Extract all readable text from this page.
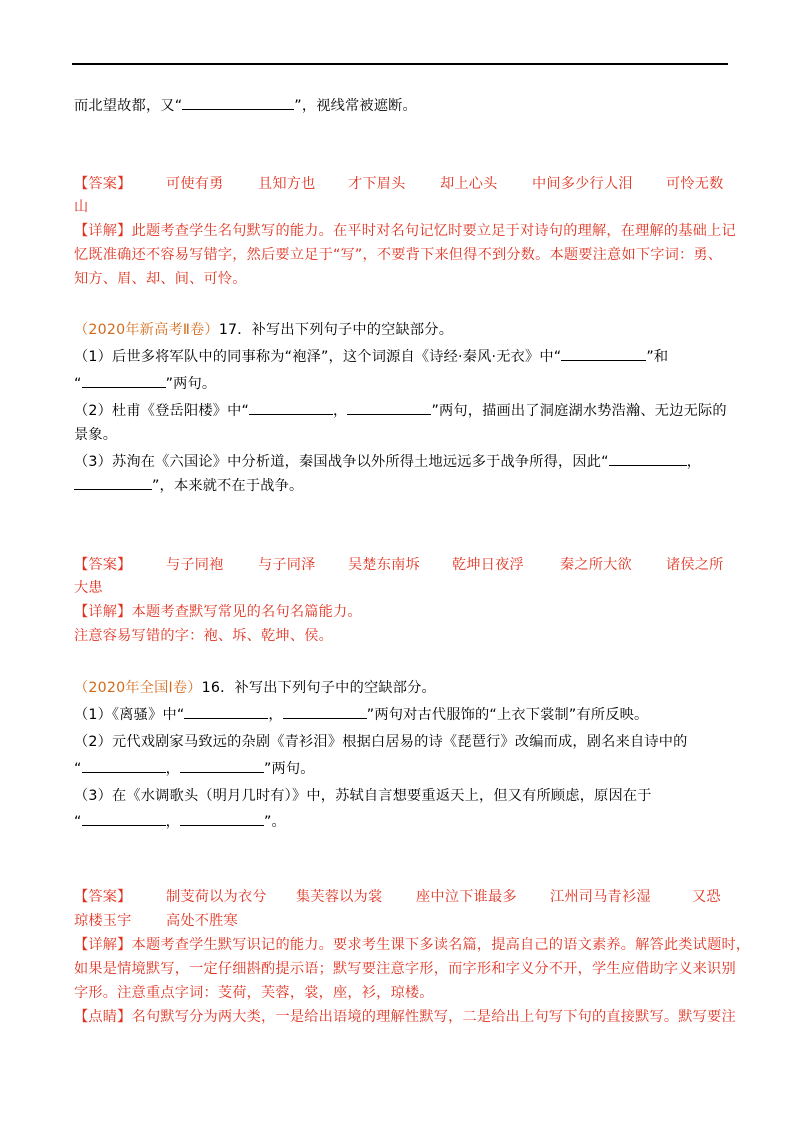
而北望故都，又“	”，视线常被遮断。
【答案】 可使有勇 且知方也 才下眉头 却上心头 中间多少行人泪 可怜无数
山
【详解】此题考查学生名句默写的能力。在平时对名句记忆时要立足于对诗句的理解，在理解的基础上记
忆既准确还不容易写错字，然后要立足于“写”，不要背下来但得不到分数。本题要注意如下字词：勇、
知方、眉、却、间、可怜。
（2020年新高考Ⅱ卷）17．补写出下列句子中的空缺部分。
（1）后世多将军队中的同事称为“袍泽”，这个词源自《诗经·秦风·无衣》中“	”和
“	”两句。
（2）杜甫《登岳阳楼》中“	，	”两句，描画出了洞庭湖水势浩瀚、无边无际的
景象。
（3）苏洵在《六国论》中分析道，秦国战争以外所得土地远远多于战争所得，因此“	，
”，本来就不在于战争。
【答案】 与子同袍 与子同泽 吴楚东南坼 乾坤日夜浮	秦之所大欲 诸侯之所
大患
【详解】本题考查默写常见的名句名篇能力。
注意容易写错的字：袍、坼、乾坤、侯。
（2020年全国Ⅰ卷）16．补写出下列句子中的空缺部分。
（1）《离骚》中“	，	”两句对古代服饰的“上衣下裳制”有所反映。
（2）元代戏剧家马致远的杂剧《青衫泪》根据白居易的诗《琵琶行》改编而成，剧名来自诗中的
“	，	”两句。
（3）在《水调歌头（明月几时有）》中，苏轼自言想要重返天上，但又有所顾虑，原因在于
“	，	”。
【答案】 制芰荷以为衣兮 集芙蓉以为裳 座中泣下谁最多 江州司马青衫湿	又恐
琼楼玉宇 高处不胜寒
【详解】本题考查学生默写识记的能力。要求考生课下多读名篇，提高自己的语文素养。解答此类试题时，
如果是情境默写，一定仔细斟酌提示语；默写要注意字形，而字形和字义分不开，学生应借助字义来识别
字形。注意重点字词：芰荷，芙蓉，裳，座，衫，琼楼。
【点睛】名句默写分为两大类，一是给出语境的理解性默写，二是给出上句写下句的直接默写。默写要注
